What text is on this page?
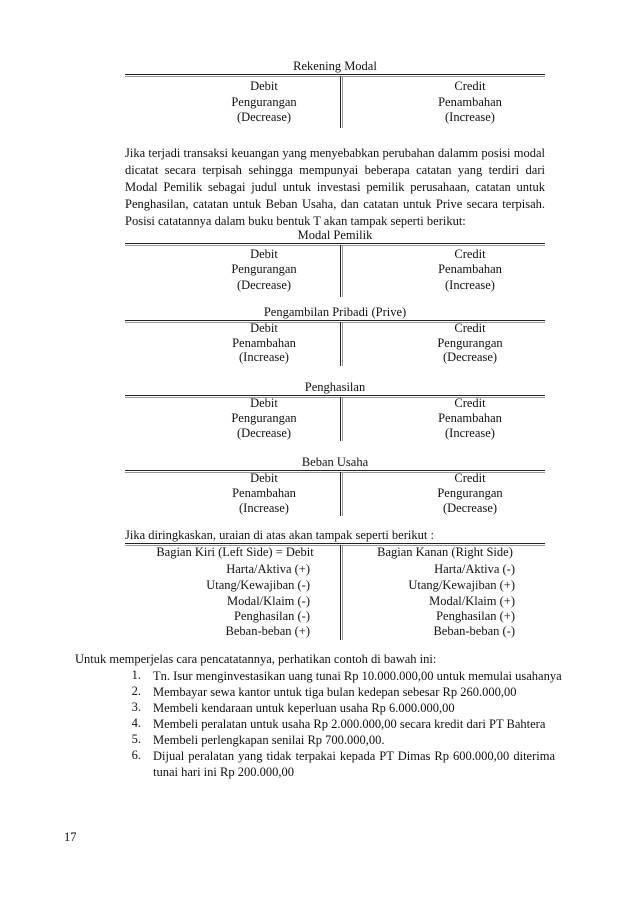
Rekening Modal
Debit
Pengurangan
(Decrease)
Credit
Penambahan
(Increase)

Jika terjadi transaksi keuangan yang menyebabkan perubahan dalamm posisi modal dicatat secara terpisah sehingga mempunyai beberapa catatan yang terdiri dari Modal Pemilik sebagai judul untuk investasi pemilik perusahaan, catatan untuk Penghasilan, catatan untuk Beban Usaha, dan catatan untuk Prive secara terpisah. Posisi catatannya dalam buku bentuk T akan tampak seperti berikut:

Modal Pemilik
Debit
Pengurangan
(Decrease)
Credit
Penambahan
(Increase)
Pengambilan Pribadi (Prive)
Debit
Penambahan
(Increase)
Credit
Pengurangan
(Decrease)
Penghasilan
Debit
Pengurangan
(Decrease)
Credit
Penambahan
(Increase)
Beban Usaha
Debit
Penambahan
(Increase)
Credit
Pengurangan
(Decrease)
Jika diringkaskan, uraian di atas akan tampak seperti berikut :
Bagian Kiri (Left Side) = Debit	Bagian Kanan (Right Side)
Harta/Aktiva (+)
Utang/Kewajiban (-)
Modal/Klaim (-)
Penghasilan (-)
Beban-beban (+)
Harta/Aktiva (-)
Utang/Kewajiban (+)
Modal/Klaim (+)
Penghasilan (+)
Beban-beban (-)
Untuk memperjelas cara pencatatannya, perhatikan contoh di bawah ini:
1. Tn. Isur menginvestasikan uang tunai Rp 10.000.000,00 untuk memulai usahanya
2. Membayar sewa kantor untuk tiga bulan kedepan sebesar Rp 260.000,00
3. Membeli kendaraan untuk keperluan usaha Rp 6.000.000,00
4. Membeli peralatan untuk usaha Rp 2.000.000,00 secara kredit dari PT Bahtera
5. Membeli perlengkapan senilai Rp 700.000,00.
6. Dijual peralatan yang tidak terpakai kepada PT Dimas Rp 600.000,00 diterima tunai hari ini Rp 200.000,00
17
